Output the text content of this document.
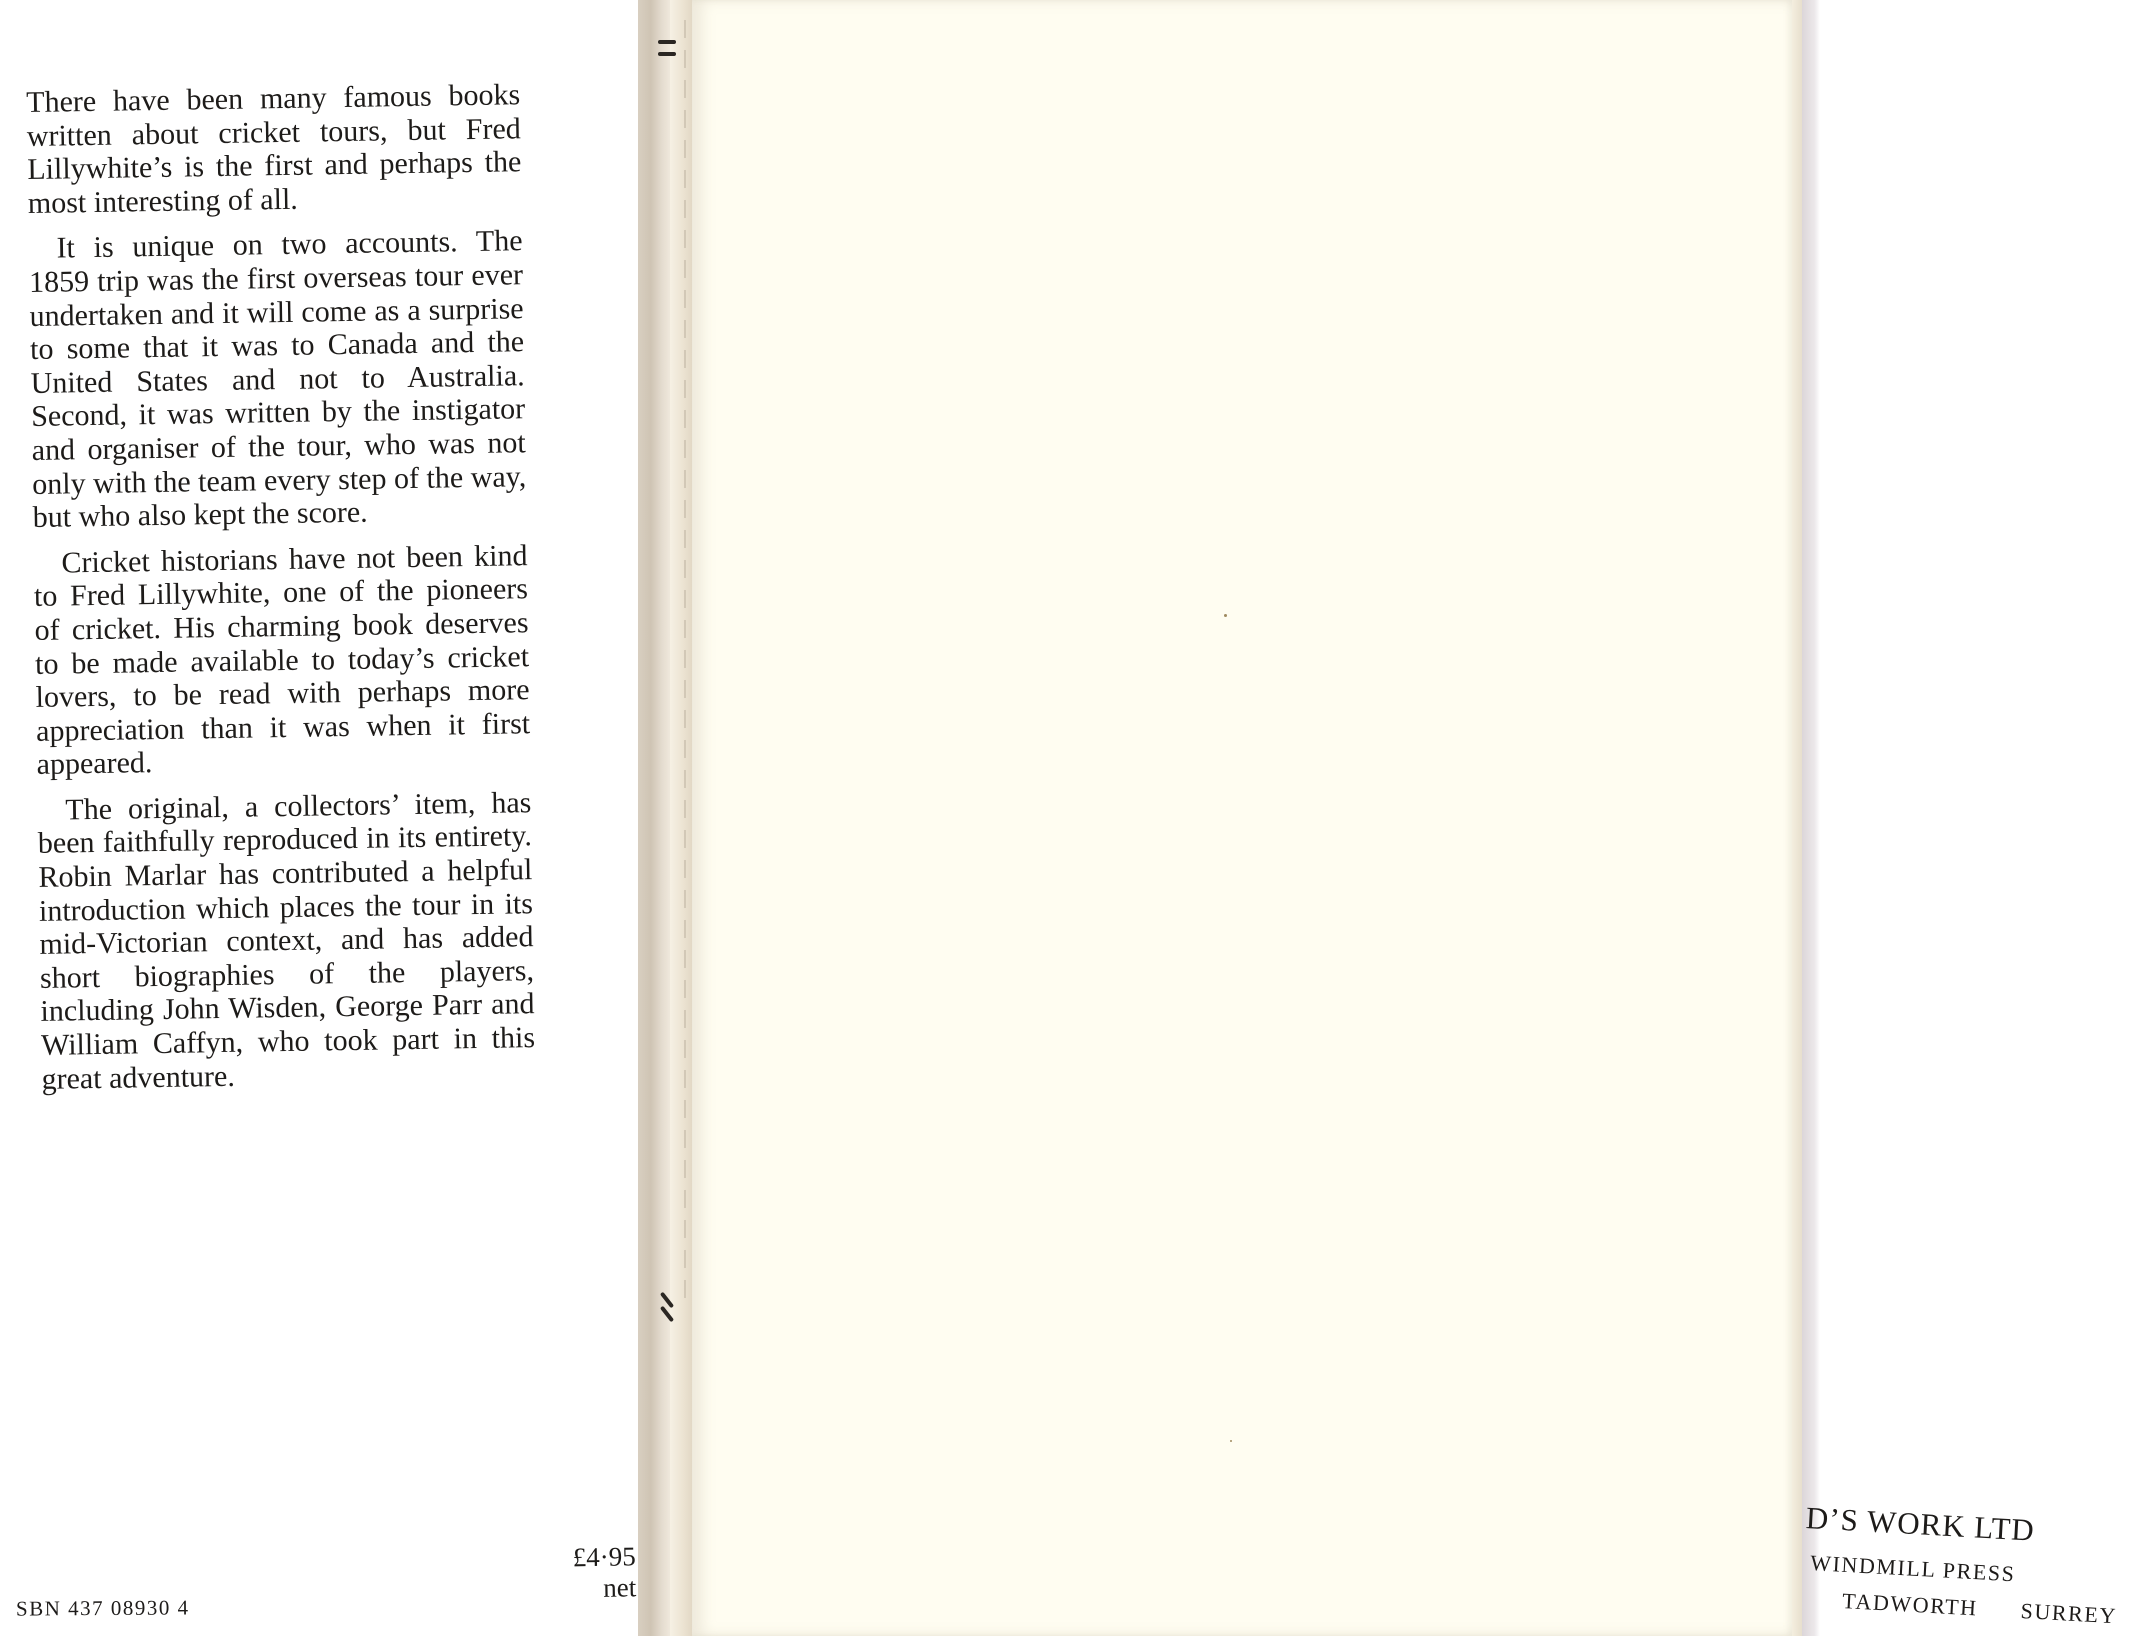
There have been many famous books written about cricket tours, but Fred Lillywhite’s is the first and perhaps the most interesting of all.

It is unique on two accounts. The 1859 trip was the first overseas tour ever undertaken and it will come as a surprise to some that it was to Canada and the United States and not to Australia. Second, it was written by the instigator and organiser of the tour, who was not only with the team every step of the way, but who also kept the score.

Cricket historians have not been kind to Fred Lillywhite, one of the pioneers of cricket. His charming book deserves to be made available to today’s cricket lovers, to be read with perhaps more appreciation than it was when it first appeared.

The original, a collectors’ item, has been faithfully reproduced in its entirety. Robin Marlar has contributed a helpful introduction which places the tour in its mid-Victorian context, and has added short biographies of the players, including John Wisden, George Parr and William Caffyn, who took part in this great adventure.

£4·95
net
SBN 437 08930 4
D’S WORK LTD
WINDMILL PRESS
TADWORTH SURREY
